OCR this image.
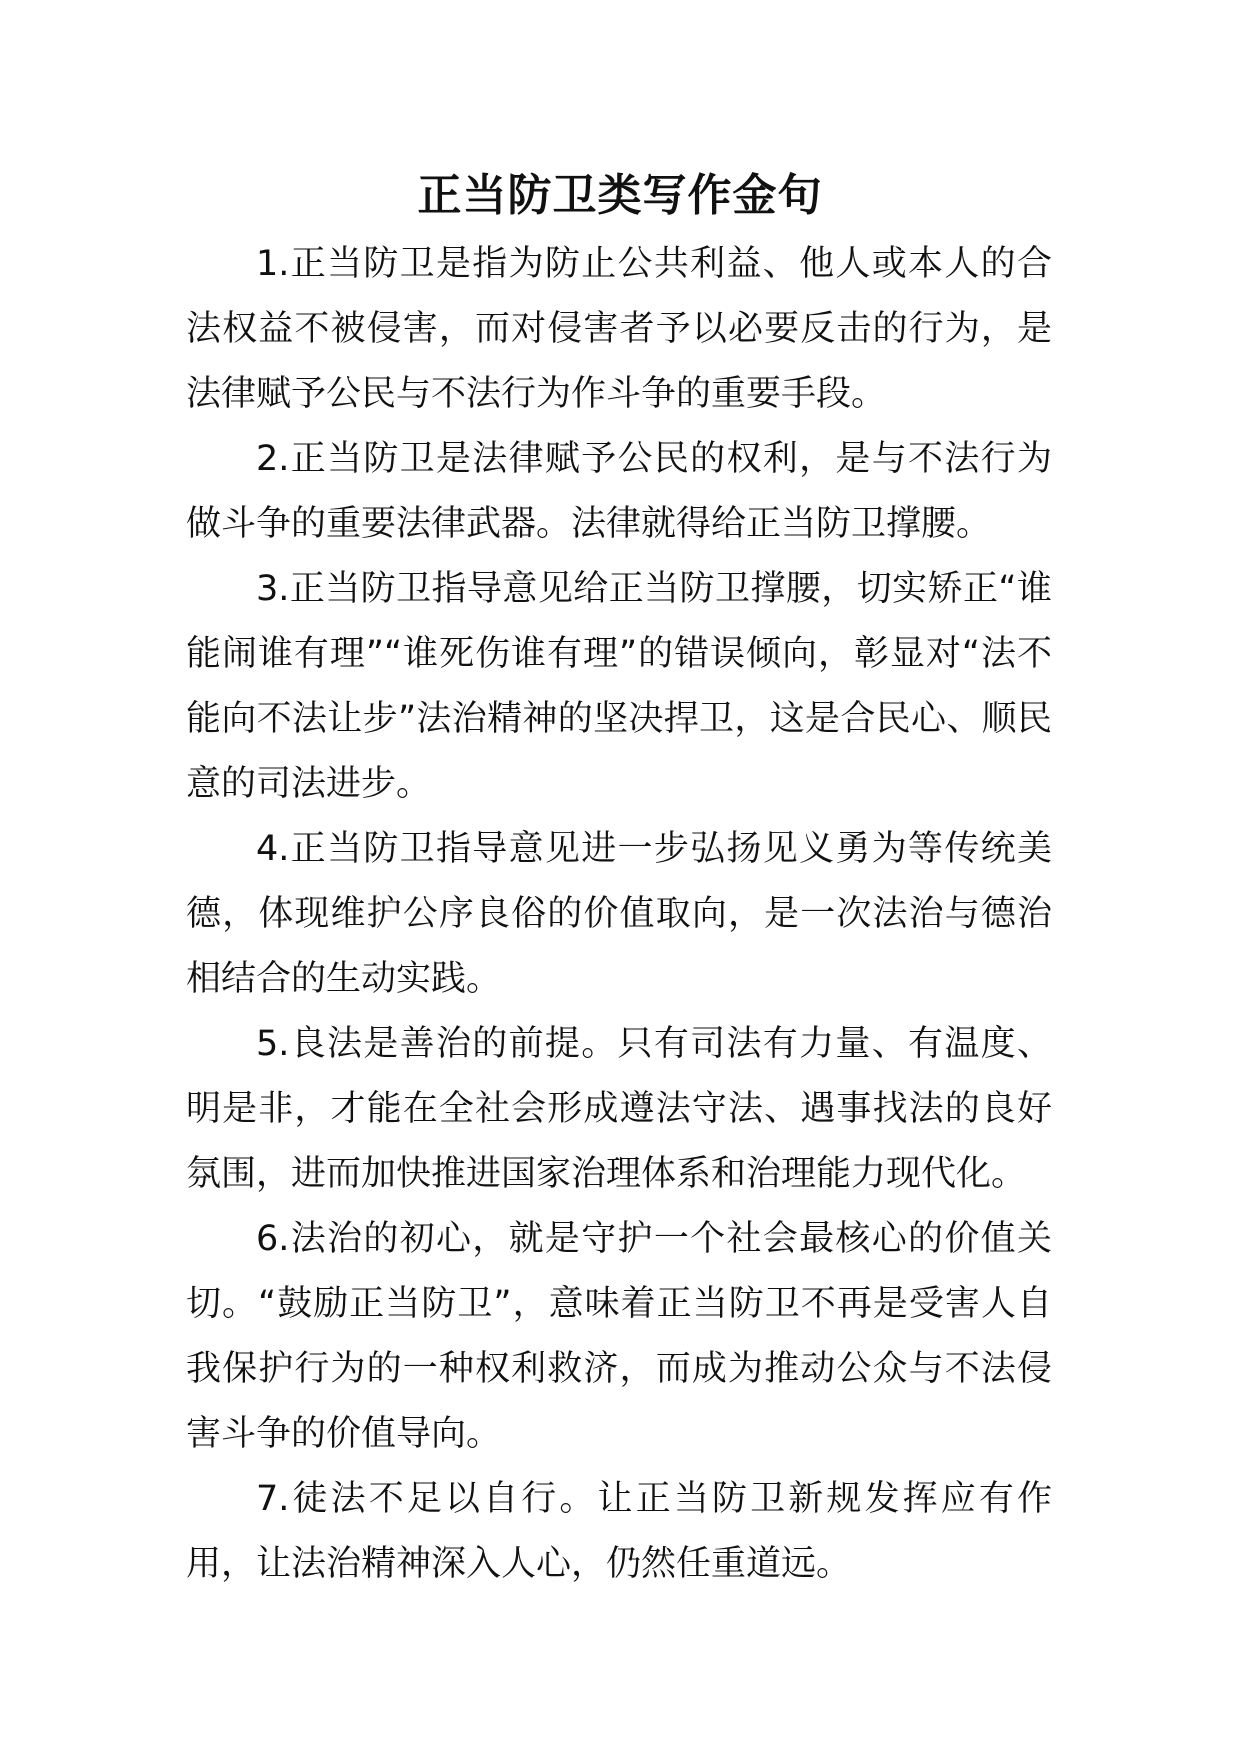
正当防卫类写作金句

1.正当防卫是指为防止公共利益、他人或本人的合法权益不被侵害，而对侵害者予以必要反击的行为，是法律赋予公民与不法行为作斗争的重要手段。

2.正当防卫是法律赋予公民的权利，是与不法行为做斗争的重要法律武器。法律就得给正当防卫撑腰。

3.正当防卫指导意见给正当防卫撑腰，切实矫正“谁能闹谁有理”“谁死伤谁有理”的错误倾向，彰显对“法不能向不法让步”法治精神的坚决捍卫，这是合民心、顺民意的司法进步。

4.正当防卫指导意见进一步弘扬见义勇为等传统美德，体现维护公序良俗的价值取向，是一次法治与德治相结合的生动实践。

5.良法是善治的前提。只有司法有力量、有温度、明是非，才能在全社会形成遵法守法、遇事找法的良好氛围，进而加快推进国家治理体系和治理能力现代化。

6.法治的初心，就是守护一个社会最核心的价值关切。“鼓励正当防卫”，意味着正当防卫不再是受害人自我保护行为的一种权利救济，而成为推动公众与不法侵害斗争的价值导向。

7.徒法不足以自行。让正当防卫新规发挥应有作用，让法治精神深入人心，仍然任重道远。
